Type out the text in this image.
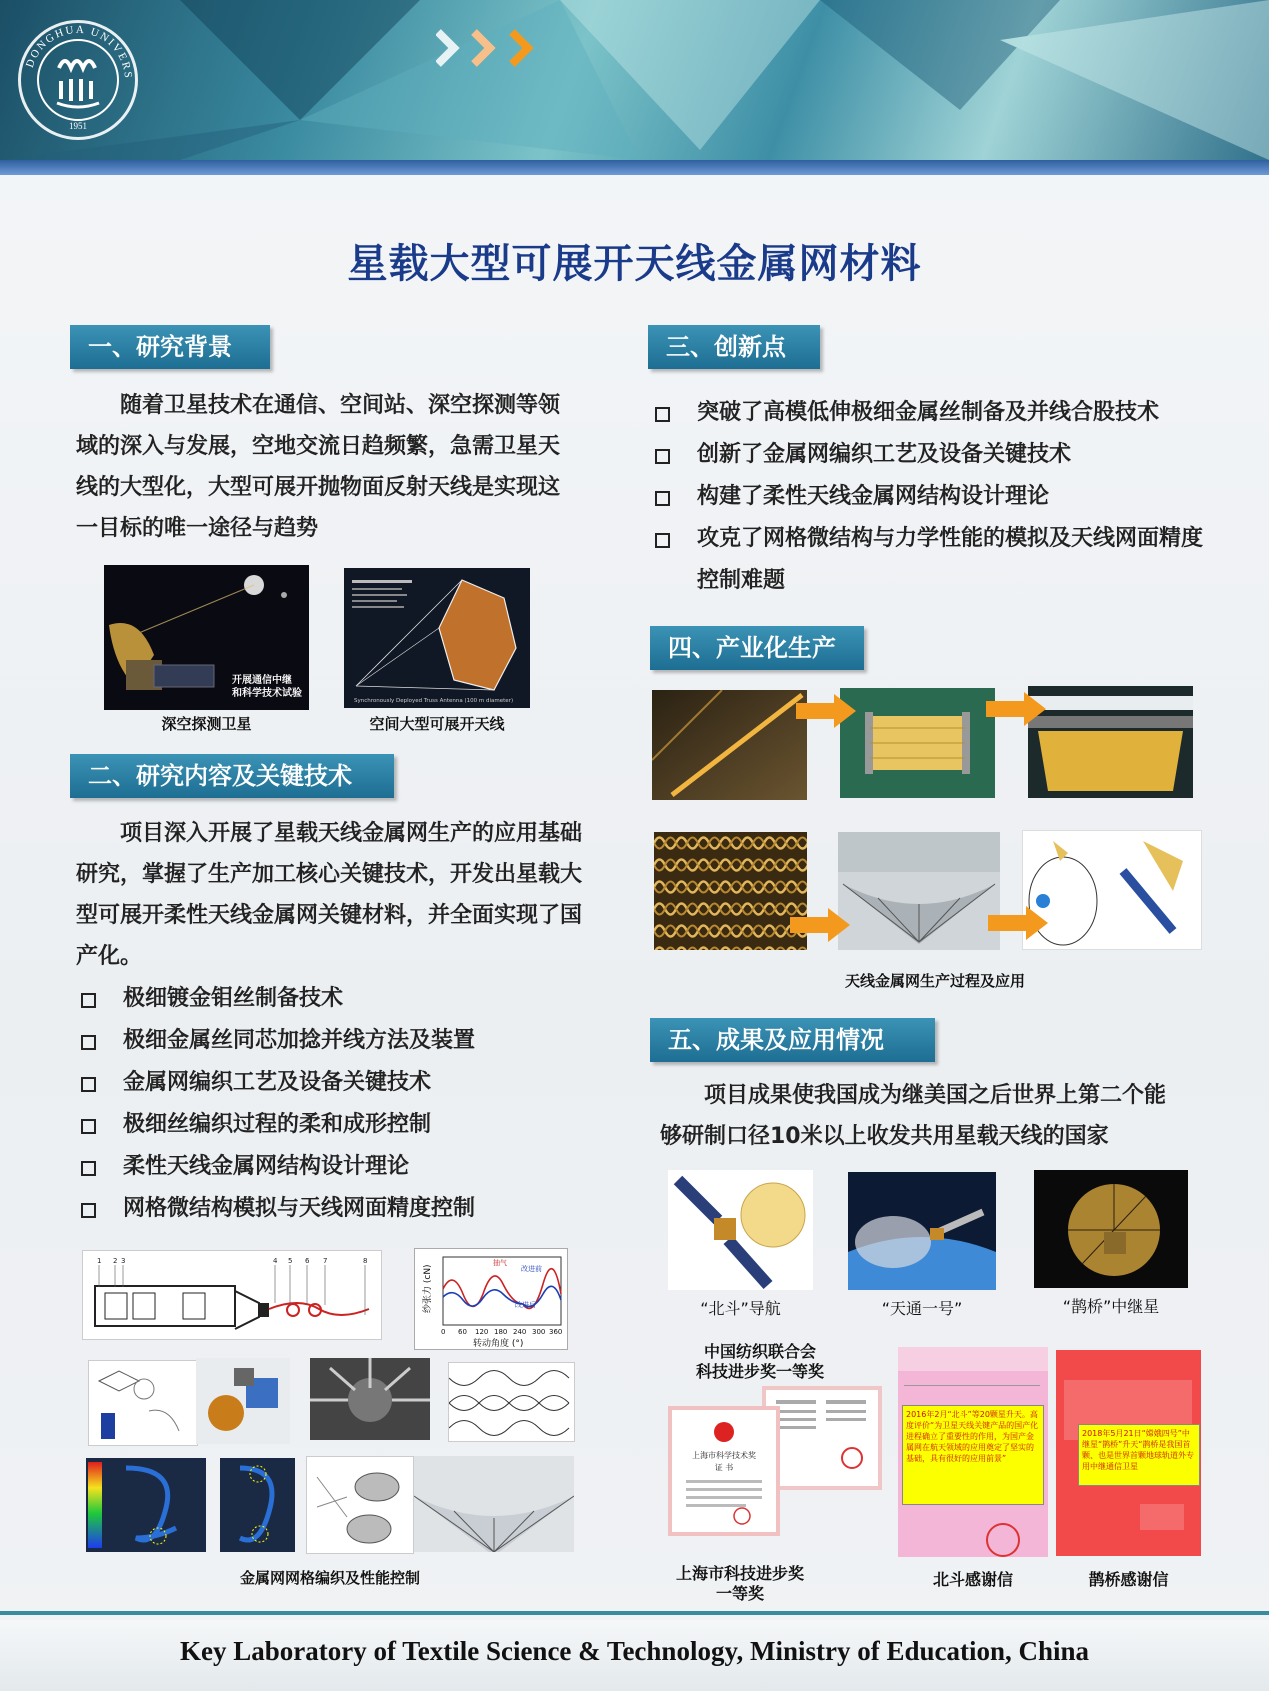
DONGHUA UNIVERS
1951
星载大型可展开天线金属网材料
一、研究背景
随着卫星技术在通信、空间站、深空探测等领域的深入与发展，空地交流日趋频繁，急需卫星天线的大型化，大型可展开抛物面反射天线是实现这一目标的唯一途径与趋势
开展通信中继和科学技术试验
深空探测卫星
Synchronously Deployed Truss Antenna (100 m diameter)
空间大型可展开天线
二、研究内容及关键技术
项目深入开展了星载天线金属网生产的应用基础研究，掌握了生产加工核心关键技术，开发出星载大型可展开柔性天线金属网关键材料，并全面实现了国产化。
极细镀金钼丝制备技术
极细金属丝同芯加捻并线方法及装置
金属网编织工艺及设备关键技术
极细丝编织过程的柔和成形控制
柔性天线金属网结构设计理论
网格微结构模拟与天线网面精度控制
1 2 3	4 5 6 7	8
纱张力 (cN)
0 60 120 180 240 300 360
转动角度 (°)
改进前
改进后
抽气
金属网网格编织及性能控制
三、创新点
突破了高模低伸极细金属丝制备及并线合股技术
创新了金属网编织工艺及设备关键技术
构建了柔性天线金属网结构设计理论
攻克了网格微结构与力学性能的模拟及天线网面精度控制难题
四、产业化生产
天线金属网生产过程及应用
五、成果及应用情况
项目成果使我国成为继美国之后世界上第二个能够研制口径10米以上收发共用星载天线的国家
“北斗”导航	“天通一号”	“鹊桥”中继星
中国纺织联合会
科技进步奖一等奖
上海市科学技术奖
证 书
上海市科技进步奖
一等奖
2016年2月“北斗”等20颗星升天。高度评价“为卫星天线关键产品的国产化进程确立了重要性的作用，为国产金属网在航天领域的应用奠定了坚实的基础，具有很好的应用前景”
北斗感谢信
2018年5月21日“嫦娥四号”中继星“鹊桥”升天“鹊桥是我国首颗、也是世界首颗地球轨道外专用中继通信卫星
鹊桥感谢信
Key Laboratory of Textile Science & Technology, Ministry of Education, China
